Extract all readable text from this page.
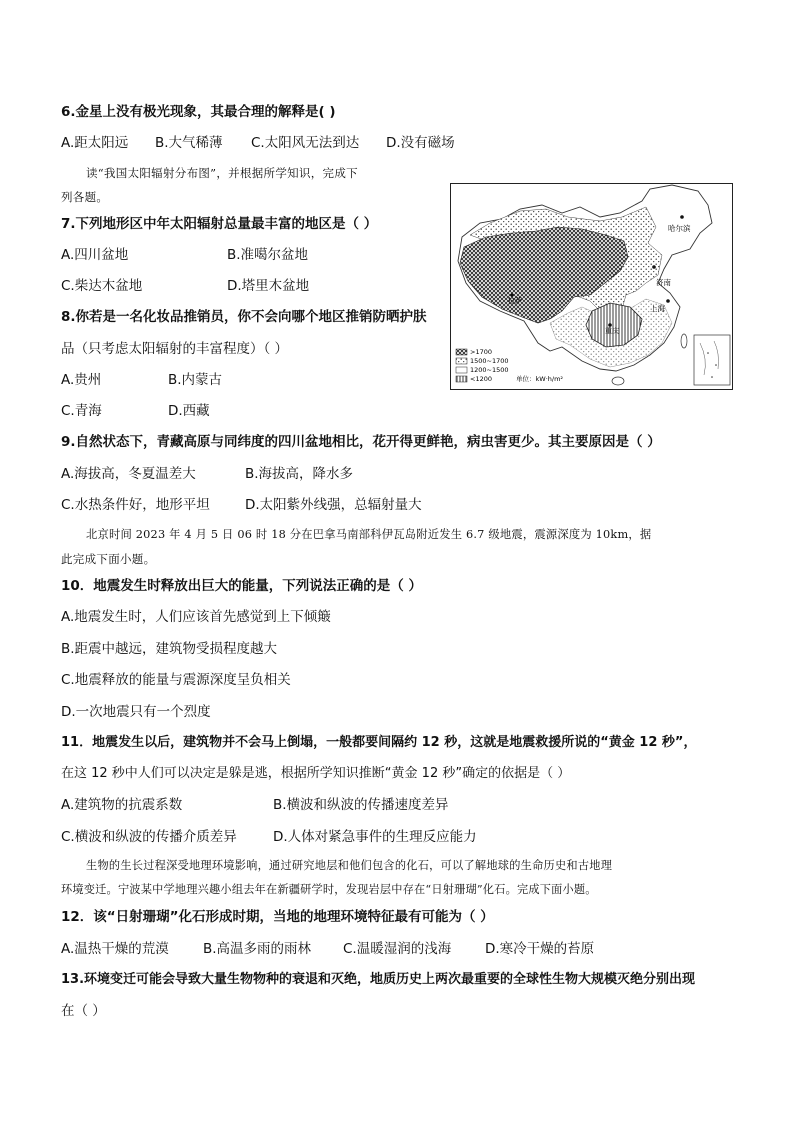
6.金星上没有极光现象，其最合理的解释是( )
A.距太阳远 B.大气稀薄 C.太阳风无法到达 D.没有磁场
读“我国太阳辐射分布图”，并根据所学知识，完成下
列各题。
7.下列地形区中年太阳辐射总量最丰富的地区是（ ）
A.四川盆地	B.准噶尔盆地
C.柴达木盆地	D.塔里木盆地
8.你若是一名化妆品推销员，你不会向哪个地区推销防晒护肤
品（只考虑太阳辐射的丰富程度）（ ）
A.贵州	B.内蒙古
C.青海	D.西藏
哈尔滨
济南
上海
拉萨
重庆
>1700
1500~1700
1200~1500
<1200	单位：kW·h/m²
9.自然状态下，青藏高原与同纬度的四川盆地相比，花开得更鲜艳，病虫害更少。其主要原因是（ ）
A.海拔高，冬夏温差大	B.海拔高，降水多
C.水热条件好，地形平坦	D.太阳紫外线强，总辐射量大
北京时间 2023 年 4 月 5 日 06 时 18 分在巴拿马南部科伊瓦岛附近发生 6.7 级地震，震源深度为 10km，据
此完成下面小题。
10．地震发生时释放出巨大的能量，下列说法正确的是（ ）
A.地震发生时，人们应该首先感觉到上下倾簸
B.距震中越远，建筑物受损程度越大
C.地震释放的能量与震源深度呈负相关
D.一次地震只有一个烈度
11．地震发生以后，建筑物并不会马上倒塌，一般都要间隔约 12 秒，这就是地震救援所说的“黄金 12 秒”，
在这 12 秒中人们可以决定是躲是逃，根据所学知识推断“黄金 12 秒”确定的依据是（ ）
A.建筑物的抗震系数	B.横波和纵波的传播速度差异
C.横波和纵波的传播介质差异	D.人体对紧急事件的生理反应能力
生物的生长过程深受地理环境影响，通过研究地层和他们包含的化石，可以了解地球的生命历史和古地理
环境变迁。宁波某中学地理兴趣小组去年在新疆研学时，发现岩层中存在“日射珊瑚”化石。完成下面小题。
12．该“日射珊瑚”化石形成时期，当地的地理环境特征最有可能为（ ）
A.温热干燥的荒漠	B.高温多雨的雨林 C.温暖湿润的浅海	D.寒冷干燥的苔原
13.环境变迁可能会导致大量生物物种的衰退和灭绝，地质历史上两次最重要的全球性生物大规模灭绝分别出现
在（ ）
